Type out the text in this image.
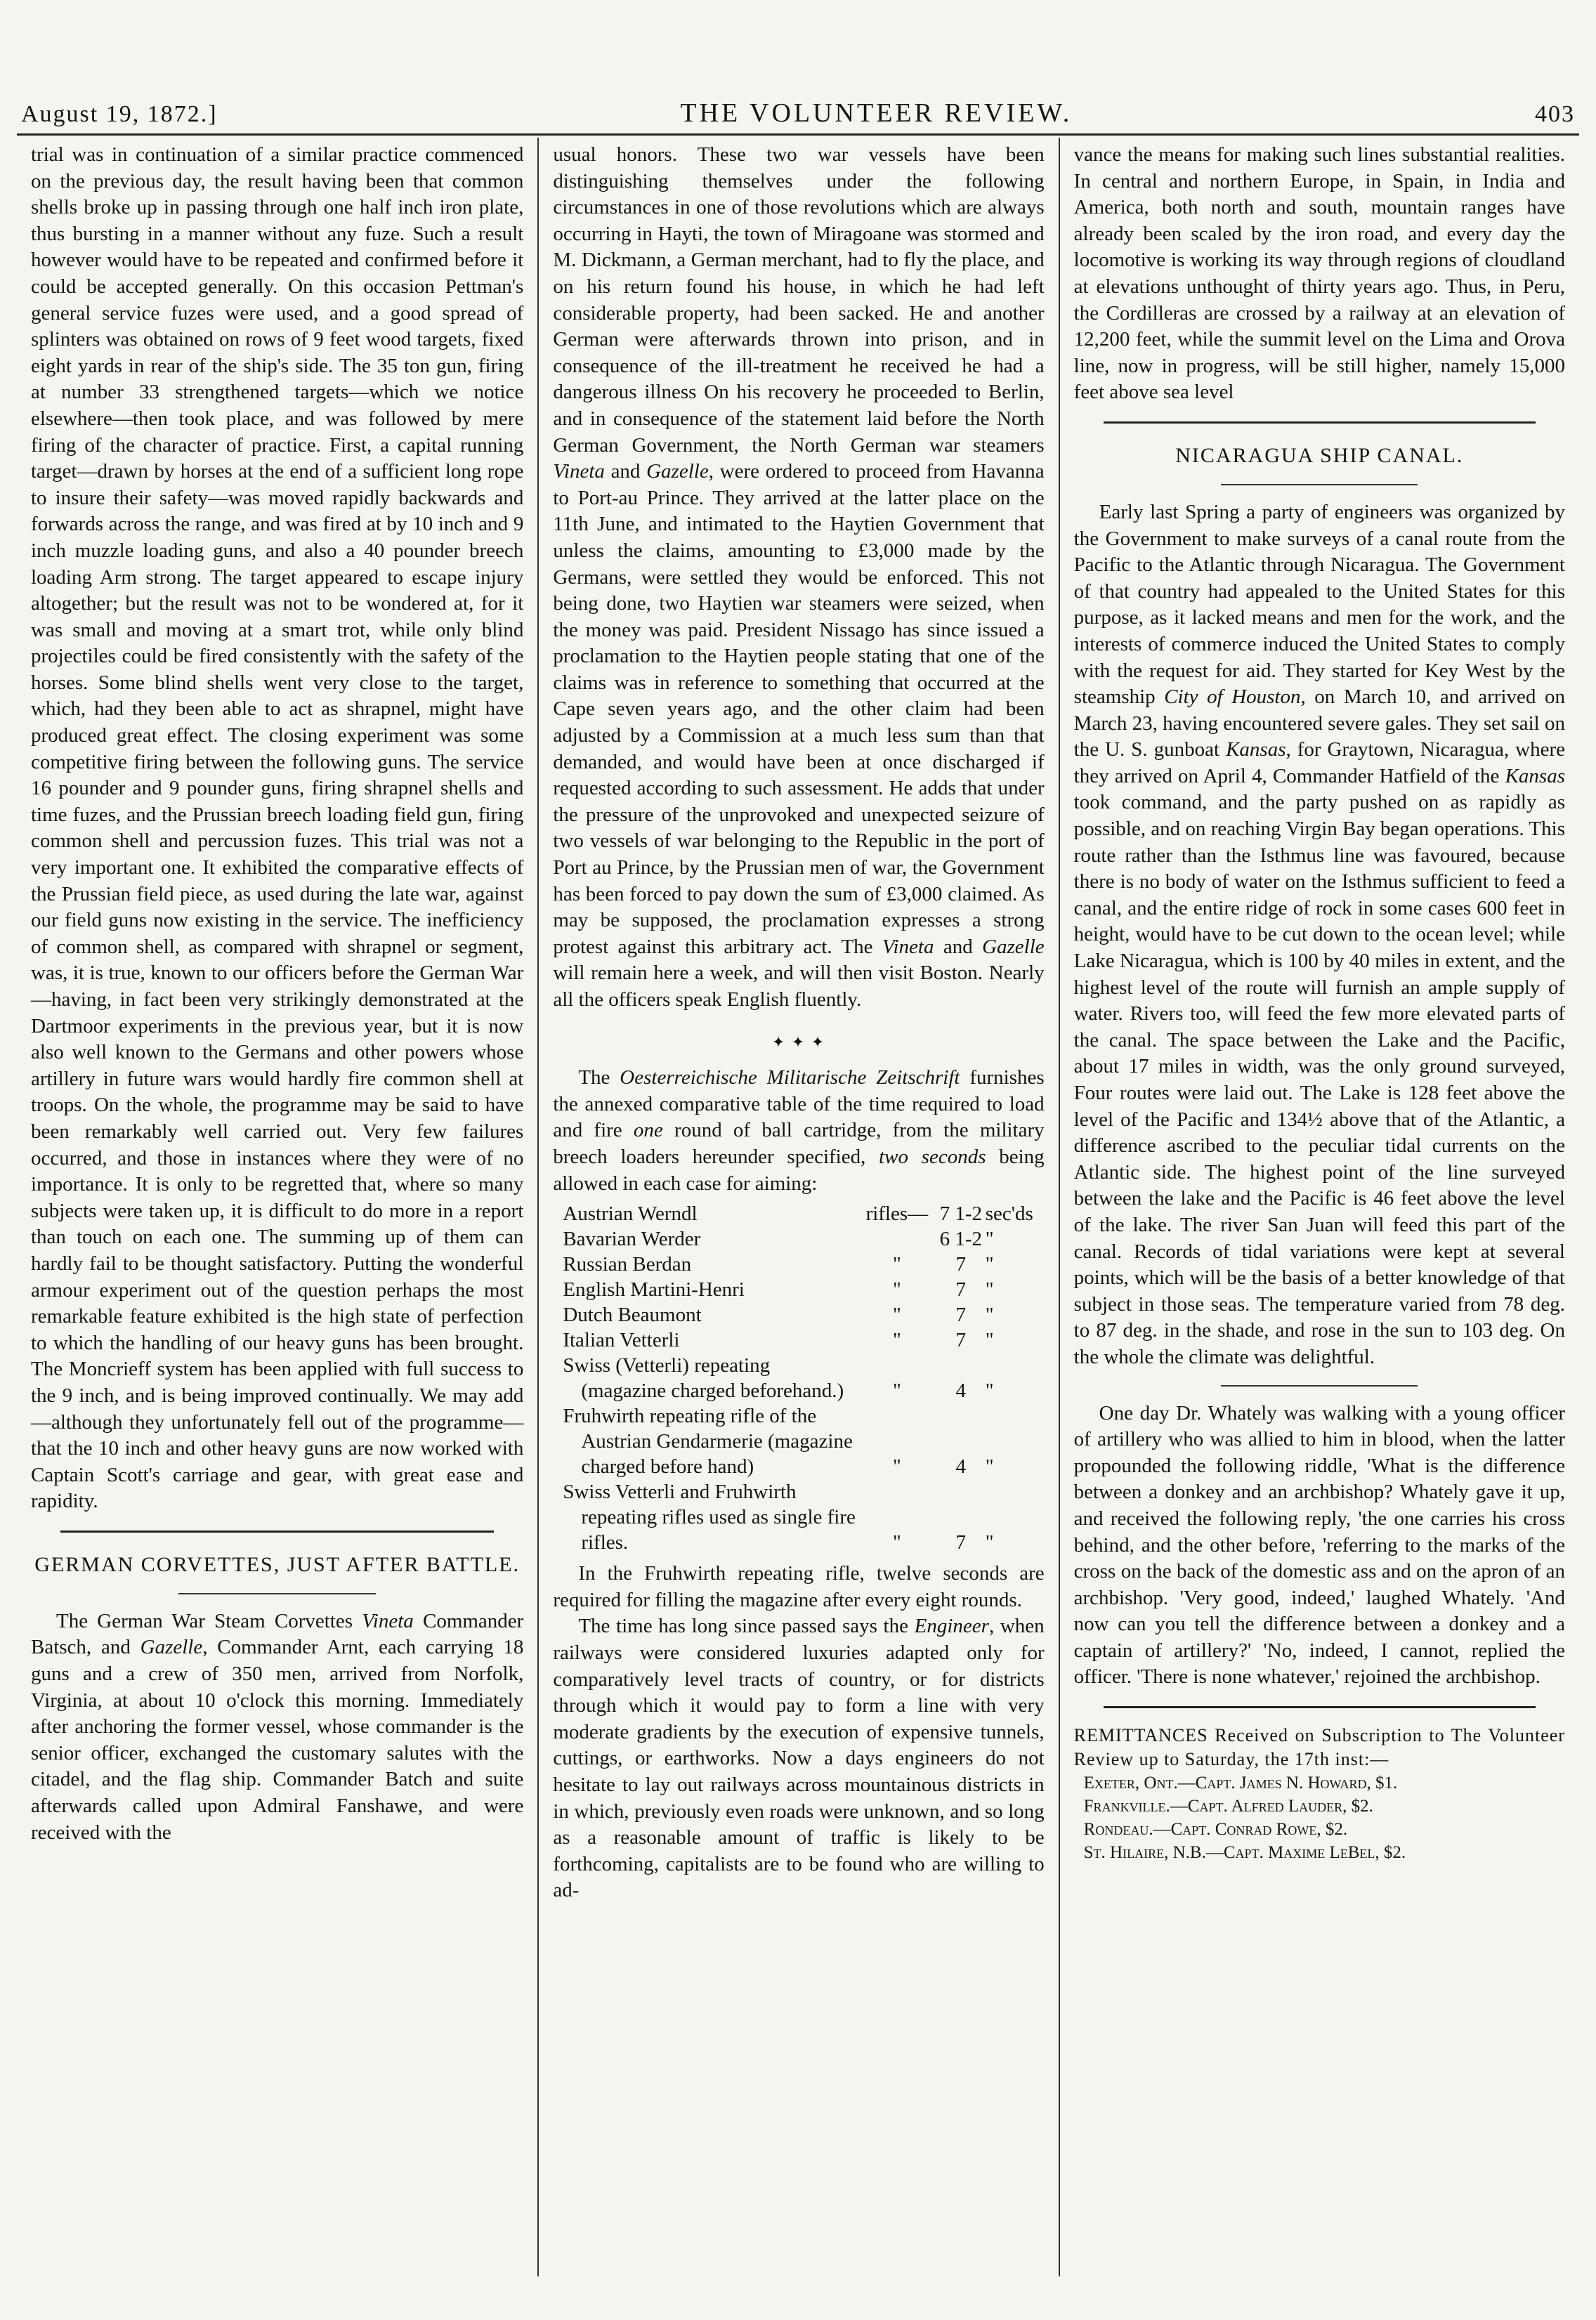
August 19, 1872.]	THE VOLUNTEER REVIEW.	403

trial was in continuation of a similar practice commenced on the previous day, the result having been that common shells broke up in passing through one half inch iron plate, thus bursting in a manner without any fuze. Such a result however would have to be repeated and confirmed before it could be accepted generally. On this occasion Pettman's general service fuzes were used, and a good spread of splinters was obtained on rows of 9 feet wood targets, fixed eight yards in rear of the ship's side. The 35 ton gun, firing at number 33 strengthened targets—which we notice elsewhere—then took place, and was followed by mere firing of the character of practice. First, a capital running target—drawn by horses at the end of a sufficient long rope to insure their safety—was moved rapidly backwards and forwards across the range, and was fired at by 10 inch and 9 inch muzzle loading guns, and also a 40 pounder breech loading Arm strong. The target appeared to escape injury altogether; but the result was not to be wondered at, for it was small and moving at a smart trot, while only blind projectiles could be fired consistently with the safety of the horses. Some blind shells went very close to the target, which, had they been able to act as shrapnel, might have produced great effect. The closing experiment was some competitive firing between the following guns. The service 16 pounder and 9 pounder guns, firing shrapnel shells and time fuzes, and the Prussian breech loading field gun, firing common shell and percussion fuzes. This trial was not a very important one. It exhibited the comparative effects of the Prussian field piece, as used during the late war, against our field guns now existing in the service. The inefficiency of common shell, as compared with shrapnel or segment, was, it is true, known to our officers before the German War—having, in fact been very strikingly demonstrated at the Dartmoor experiments in the previous year, but it is now also well known to the Germans and other powers whose artillery in future wars would hardly fire common shell at troops. On the whole, the programme may be said to have been remarkably well carried out. Very few failures occurred, and those in instances where they were of no importance. It is only to be regretted that, where so many subjects were taken up, it is difficult to do more in a report than touch on each one. The summing up of them can hardly fail to be thought satisfactory. Putting the wonderful armour experiment out of the question perhaps the most remarkable feature exhibited is the high state of perfection to which the handling of our heavy guns has been brought. The Moncrieff system has been applied with full success to the 9 inch, and is being improved continually. We may add—although they unfortunately fell out of the programme—that the 10 inch and other heavy guns are now worked with Captain Scott's carriage and gear, with great ease and rapidity.

GERMAN CORVETTES, JUST AFTER BATTLE.

The German War Steam Corvettes Vineta Commander Batsch, and Gazelle, Commander Arnt, each carrying 18 guns and a crew of 350 men, arrived from Norfolk, Virginia, at about 10 o'clock this morning. Immediately after anchoring the former vessel, whose commander is the senior officer, exchanged the customary salutes with the citadel, and the flag ship. Commander Batch and suite afterwards called upon Admiral Fanshawe, and were received with the

usual honors. These two war vessels have been distinguishing themselves under the following circumstances in one of those revolutions which are always occurring in Hayti, the town of Miragoane was stormed and M. Dickmann, a German merchant, had to fly the place, and on his return found his house, in which he had left considerable property, had been sacked. He and another German were afterwards thrown into prison, and in consequence of the ill-treatment he received he had a dangerous illness On his recovery he proceeded to Berlin, and in consequence of the statement laid before the North German Government, the North German war steamers Vineta and Gazelle, were ordered to proceed from Havanna to Port-au Prince. They arrived at the latter place on the 11th June, and intimated to the Haytien Government that unless the claims, amounting to £3,000 made by the Germans, were settled they would be enforced. This not being done, two Haytien war steamers were seized, when the money was paid. President Nissago has since issued a proclamation to the Haytien people stating that one of the claims was in reference to something that occurred at the Cape seven years ago, and the other claim had been adjusted by a Commission at a much less sum than that demanded, and would have been at once discharged if requested according to such assessment. He adds that under the pressure of the unprovoked and unexpected seizure of two vessels of war belonging to the Republic in the port of Port au Prince, by the Prussian men of war, the Government has been forced to pay down the sum of £3,000 claimed. As may be supposed, the proclamation expresses a strong protest against this arbitrary act. The Vineta and Gazelle will remain here a week, and will then visit Boston. Nearly all the officers speak English fluently.

✦ ✦ ✦

The Oesterreichische Militarische Zeitschrift furnishes the annexed comparative table of the time required to load and fire one round of ball cartridge, from the military breech loaders hereunder specified, two seconds being allowed in each case for aiming:

Austrian Werndl	rifles—	7 1-2	sec'ds
Bavarian Werder		6 1-2	"
Russian Berdan	"	7	"
English Martini-Henri	"	7	"
Dutch Beaumont	"	7	"
Italian Vetterli	"	7	"
Swiss (Vetterli) repeating (magazine charged beforehand.)	"	4	"
Fruhwirth repeating rifle of the Austrian Gendarmerie (magazine charged before hand)	"	4	"
Swiss Vetterli and Fruhwirth repeating rifles used as single fire rifles.	"	7	"

In the Fruhwirth repeating rifle, twelve seconds are required for filling the magazine after every eight rounds.

The time has long since passed says the Engineer, when railways were considered luxuries adapted only for comparatively level tracts of country, or for districts through which it would pay to form a line with very moderate gradients by the execution of expensive tunnels, cuttings, or earthworks. Now a days engineers do not hesitate to lay out railways across mountainous districts in in which, previously even roads were unknown, and so long as a reasonable amount of traffic is likely to be forthcoming, capitalists are to be found who are willing to ad-

vance the means for making such lines substantial realities. In central and northern Europe, in Spain, in India and America, both north and south, mountain ranges have already been scaled by the iron road, and every day the locomotive is working its way through regions of cloudland at elevations unthought of thirty years ago. Thus, in Peru, the Cordilleras are crossed by a railway at an elevation of 12,200 feet, while the summit level on the Lima and Orova line, now in progress, will be still higher, namely 15,000 feet above sea level

NICARAGUA SHIP CANAL.

Early last Spring a party of engineers was organized by the Government to make surveys of a canal route from the Pacific to the Atlantic through Nicaragua. The Government of that country had appealed to the United States for this purpose, as it lacked means and men for the work, and the interests of commerce induced the United States to comply with the request for aid. They started for Key West by the steamship City of Houston, on March 10, and arrived on March 23, having encountered severe gales. They set sail on the U. S. gunboat Kansas, for Graytown, Nicaragua, where they arrived on April 4, Commander Hatfield of the Kansas took command, and the party pushed on as rapidly as possible, and on reaching Virgin Bay began operations. This route rather than the Isthmus line was favoured, because there is no body of water on the Isthmus sufficient to feed a canal, and the entire ridge of rock in some cases 600 feet in height, would have to be cut down to the ocean level; while Lake Nicaragua, which is 100 by 40 miles in extent, and the highest level of the route will furnish an ample supply of water. Rivers too, will feed the few more elevated parts of the canal. The space between the Lake and the Pacific, about 17 miles in width, was the only ground surveyed, Four routes were laid out. The Lake is 128 feet above the level of the Pacific and 134½ above that of the Atlantic, a difference ascribed to the peculiar tidal currents on the Atlantic side. The highest point of the line surveyed between the lake and the Pacific is 46 feet above the level of the lake. The river San Juan will feed this part of the canal. Records of tidal variations were kept at several points, which will be the basis of a better knowledge of that subject in those seas. The temperature varied from 78 deg. to 87 deg. in the shade, and rose in the sun to 103 deg. On the whole the climate was delightful.

One day Dr. Whately was walking with a young officer of artillery who was allied to him in blood, when the latter propounded the following riddle, 'What is the difference between a donkey and an archbishop? Whately gave it up, and received the following reply, 'the one carries his cross behind, and the other before, 'referring to the marks of the cross on the back of the domestic ass and on the apron of an archbishop. 'Very good, indeed,' laughed Whately. 'And now can you tell the difference between a donkey and a captain of artillery?' 'No, indeed, I cannot, replied the officer. 'There is none whatever,' rejoined the archbishop.

REMITTANCES Received on Subscription to The Volunteer Review up to Saturday, the 17th inst:—

Exeter, Ont.—Capt. James N. Howard, $1.
Frankville.—Capt. Alfred Lauder, $2.
Rondeau.—Capt. Conrad Rowe, $2.
St. Hilaire, N.B.—Capt. Maxime LeBel, $2.
